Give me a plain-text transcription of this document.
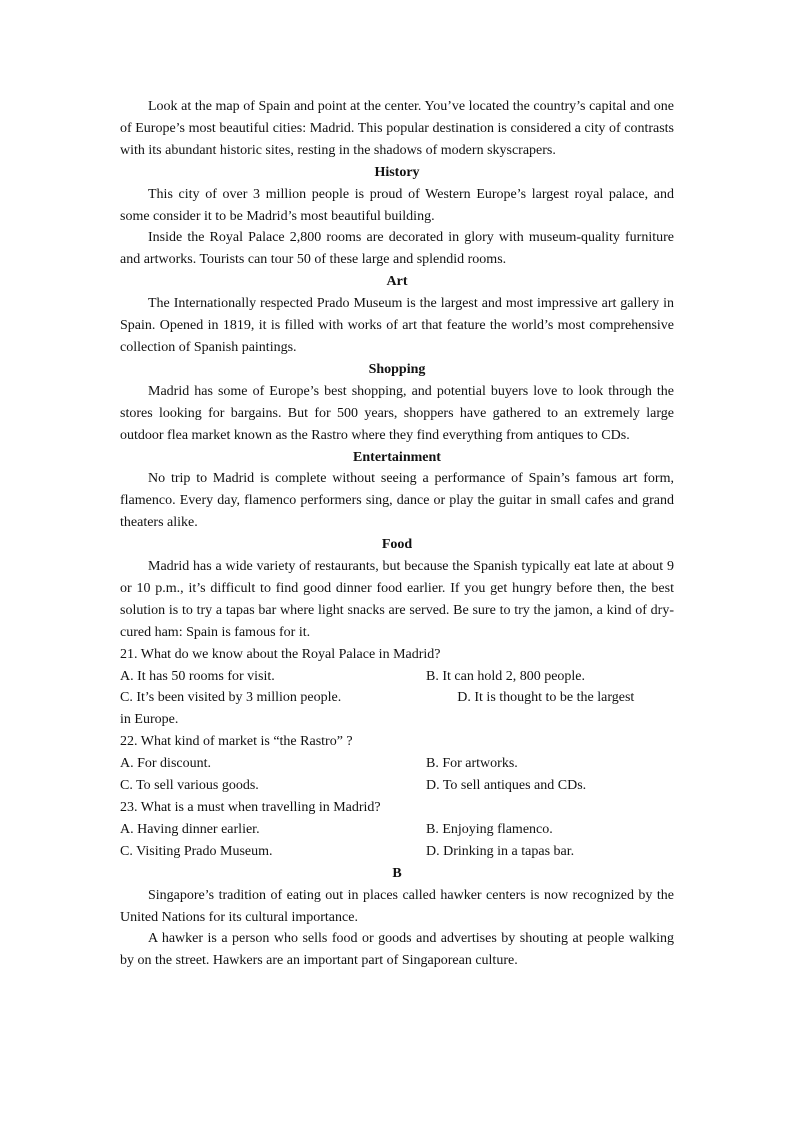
Look at the map of Spain and point at the center. You’ve located the country’s capital and one of Europe’s most beautiful cities: Madrid. This popular destination is considered a city of contrasts with its abundant historic sites, resting in the shadows of modern skyscrapers.

History

This city of over 3 million people is proud of Western Europe’s largest royal palace, and some consider it to be Madrid’s most beautiful building.

Inside the Royal Palace 2,800 rooms are decorated in glory with museum-quality furniture and artworks. Tourists can tour 50 of these large and splendid rooms.

Art

The Internationally respected Prado Museum is the largest and most impressive art gallery in Spain. Opened in 1819, it is filled with works of art that feature the world’s most comprehensive collection of Spanish paintings.

Shopping

Madrid has some of Europe’s best shopping, and potential buyers love to look through the stores looking for bargains. But for 500 years, shoppers have gathered to an extremely large outdoor flea market known as the Rastro where they find everything from antiques to CDs.

Entertainment

No trip to Madrid is complete without seeing a performance of Spain’s famous art form, flamenco. Every day, flamenco performers sing, dance or play the guitar in small cafes and grand theaters alike.

Food

Madrid has a wide variety of restaurants, but because the Spanish typically eat late at about 9 or 10 p.m., it’s difficult to find good dinner food earlier. If you get hungry before then, the best solution is to try a tapas bar where light snacks are served. Be sure to try the jamon, a kind of dry-cured ham: Spain is famous for it.

21. What do we know about the Royal Palace in Madrid?

A. It has 50 rooms for visit.	B. It can hold 2, 800 people.

C. It’s been visited by 3 million people.	D. It is thought to be the largest

in Europe.

22. What kind of market is “the Rastro” ?

A. For discount.	B. For artworks.
C. To sell various goods.	D. To sell antiques and CDs.

23. What is a must when travelling in Madrid?

A. Having dinner earlier.	B. Enjoying flamenco.
C. Visiting Prado Museum.	D. Drinking in a tapas bar.

B

Singapore’s tradition of eating out in places called hawker centers is now recognized by the United Nations for its cultural importance.

A hawker is a person who sells food or goods and advertises by shouting at people walking by on the street. Hawkers are an important part of Singaporean culture.
